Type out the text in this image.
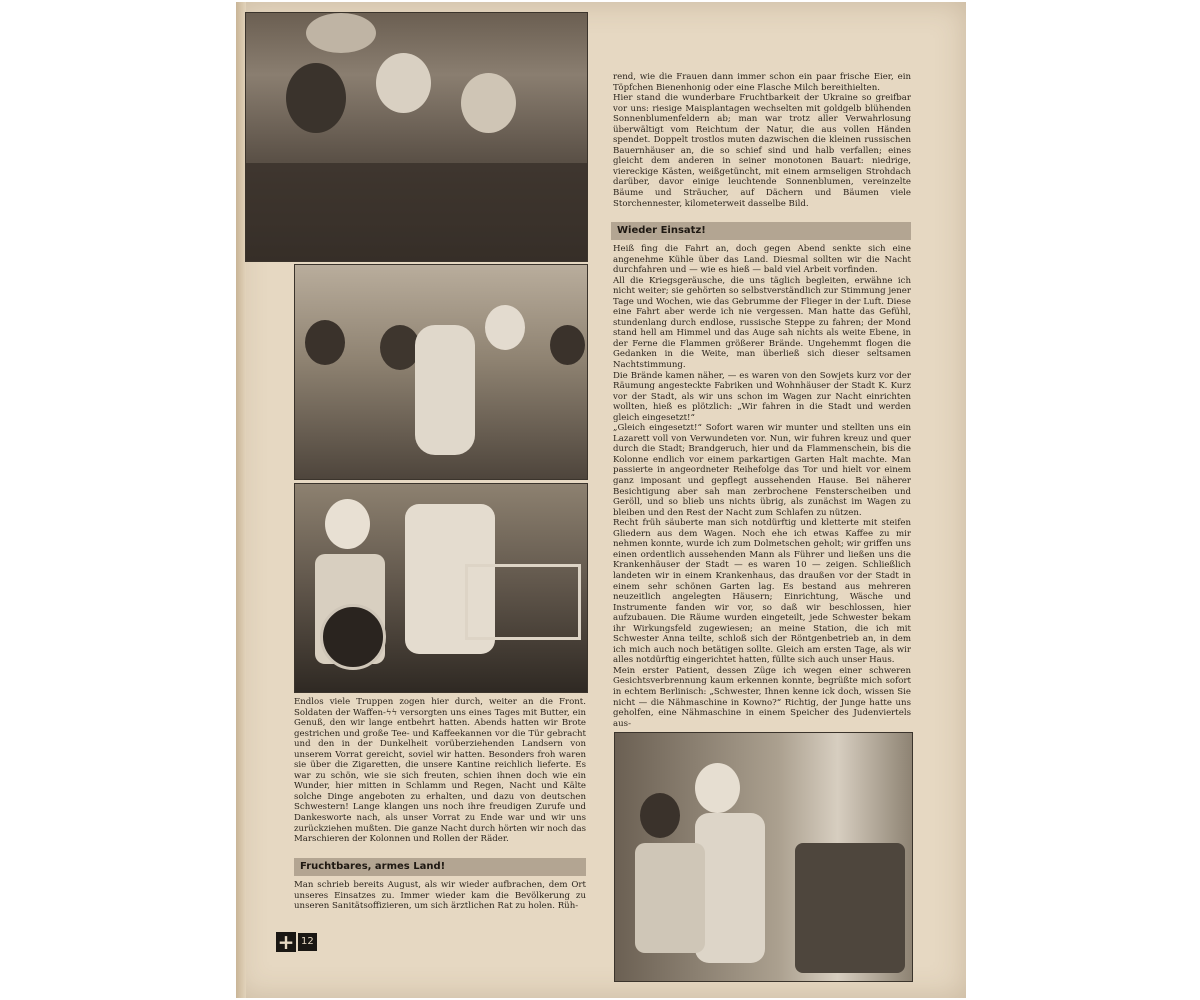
rend, wie die Frauen dann immer schon ein paar frische Eier, ein Töpfchen Bienenhonig oder eine Flasche Milch bereithielten.

Hier stand die wunderbare Fruchtbarkeit der Ukraine so greifbar vor uns: riesige Maisplantagen wechselten mit goldgelb blühenden Sonnenblumenfeldern ab; man war trotz aller Verwahrlosung überwältigt vom Reichtum der Natur, die aus vollen Händen spendet. Doppelt trostlos muten dazwischen die kleinen russischen Bauernhäuser an, die so schief sind und halb verfallen; eines gleicht dem anderen in seiner monotonen Bauart: niedrige, viereckige Kästen, weißgetüncht, mit einem armseligen Strohdach darüber, davor einige leuchtende Sonnenblumen, vereinzelte Bäume und Sträucher, auf Dächern und Bäumen viele Storchennester, kilometerweit dasselbe Bild.

Wieder Einsatz!

Heiß fing die Fahrt an, doch gegen Abend senkte sich eine angenehme Kühle über das Land. Diesmal sollten wir die Nacht durchfahren und — wie es hieß — bald viel Arbeit vorfinden.

All die Kriegsgeräusche, die uns täglich begleiten, erwähne ich nicht weiter; sie gehörten so selbstverständlich zur Stimmung jener Tage und Wochen, wie das Gebrumme der Flieger in der Luft. Diese eine Fahrt aber werde ich nie vergessen. Man hatte das Gefühl, stundenlang durch endlose, russische Steppe zu fahren; der Mond stand hell am Himmel und das Auge sah nichts als weite Ebene, in der Ferne die Flammen größerer Brände. Ungehemmt flogen die Gedanken in die Weite, man überließ sich dieser seltsamen Nachtstimmung.

Die Brände kamen näher, — es waren von den Sowjets kurz vor der Räumung angesteckte Fabriken und Wohnhäuser der Stadt K. Kurz vor der Stadt, als wir uns schon im Wagen zur Nacht einrichten wollten, hieß es plötzlich: „Wir fahren in die Stadt und werden gleich eingesetzt!“

„Gleich eingesetzt!“ Sofort waren wir munter und stellten uns ein Lazarett voll von Verwundeten vor. Nun, wir fuhren kreuz und quer durch die Stadt; Brandgeruch, hier und da Flammenschein, bis die Kolonne endlich vor einem parkartigen Garten Halt machte. Man passierte in angeordneter Reihefolge das Tor und hielt vor einem ganz imposant und gepflegt aussehenden Hause. Bei näherer Besichtigung aber sah man zerbrochene Fensterscheiben und Geröll, und so blieb uns nichts übrig, als zunächst im Wagen zu bleiben und den Rest der Nacht zum Schlafen zu nützen.

Recht früh säuberte man sich notdürftig und kletterte mit steifen Gliedern aus dem Wagen. Noch ehe ich etwas Kaffee zu mir nehmen konnte, wurde ich zum Dolmetschen geholt; wir griffen uns einen ordentlich aussehenden Mann als Führer und ließen uns die Krankenhäuser der Stadt — es waren 10 — zeigen. Schließlich landeten wir in einem Krankenhaus, das draußen vor der Stadt in einem sehr schönen Garten lag. Es bestand aus mehreren neuzeitlich angelegten Häusern; Einrichtung, Wäsche und Instrumente fanden wir vor, so daß wir beschlossen, hier aufzubauen. Die Räume wurden eingeteilt, jede Schwester bekam ihr Wirkungsfeld zugewiesen; an meine Station, die ich mit Schwester Anna teilte, schloß sich der Röntgenbetrieb an, in dem ich mich auch noch betätigen sollte. Gleich am ersten Tage, als wir alles notdürftig eingerichtet hatten, füllte sich auch unser Haus.

Mein erster Patient, dessen Züge ich wegen einer schweren Gesichtsverbrennung kaum erkennen konnte, begrüßte mich sofort in echtem Berlinisch: „Schwester, Ihnen kenne ick doch, wissen Sie nicht — die Nähmaschine in Kowno?“ Richtig, der Junge hatte uns geholfen, eine Nähmaschine in einem Speicher des Judenviertels aus-

Endlos viele Truppen zogen hier durch, weiter an die Front. Soldaten der Waffen-ϟϟ versorgten uns eines Tages mit Butter, ein Genuß, den wir lange entbehrt hatten. Abends hatten wir Brote gestrichen und große Tee- und Kaffeekannen vor die Tür gebracht und den in der Dunkelheit vorüberziehenden Landsern von unserem Vorrat gereicht, soviel wir hatten. Besonders froh waren sie über die Zigaretten, die unsere Kantine reichlich lieferte. Es war zu schön, wie sie sich freuten, schien ihnen doch wie ein Wunder, hier mitten in Schlamm und Regen, Nacht und Kälte solche Dinge angeboten zu erhalten, und dazu von deutschen Schwestern! Lange klangen uns noch ihre freudigen Zurufe und Dankesworte nach, als unser Vorrat zu Ende war und wir uns zurückziehen mußten. Die ganze Nacht durch hörten wir noch das Marschieren der Kolonnen und Rollen der Räder.

Fruchtbares, armes Land!

Man schrieb bereits August, als wir wieder aufbrachen, dem Ort unseres Einsatzes zu. Immer wieder kam die Bevölkerung zu unseren Sanitätsoffizieren, um sich ärztlichen Rat zu holen. Rüh-

+ 12
